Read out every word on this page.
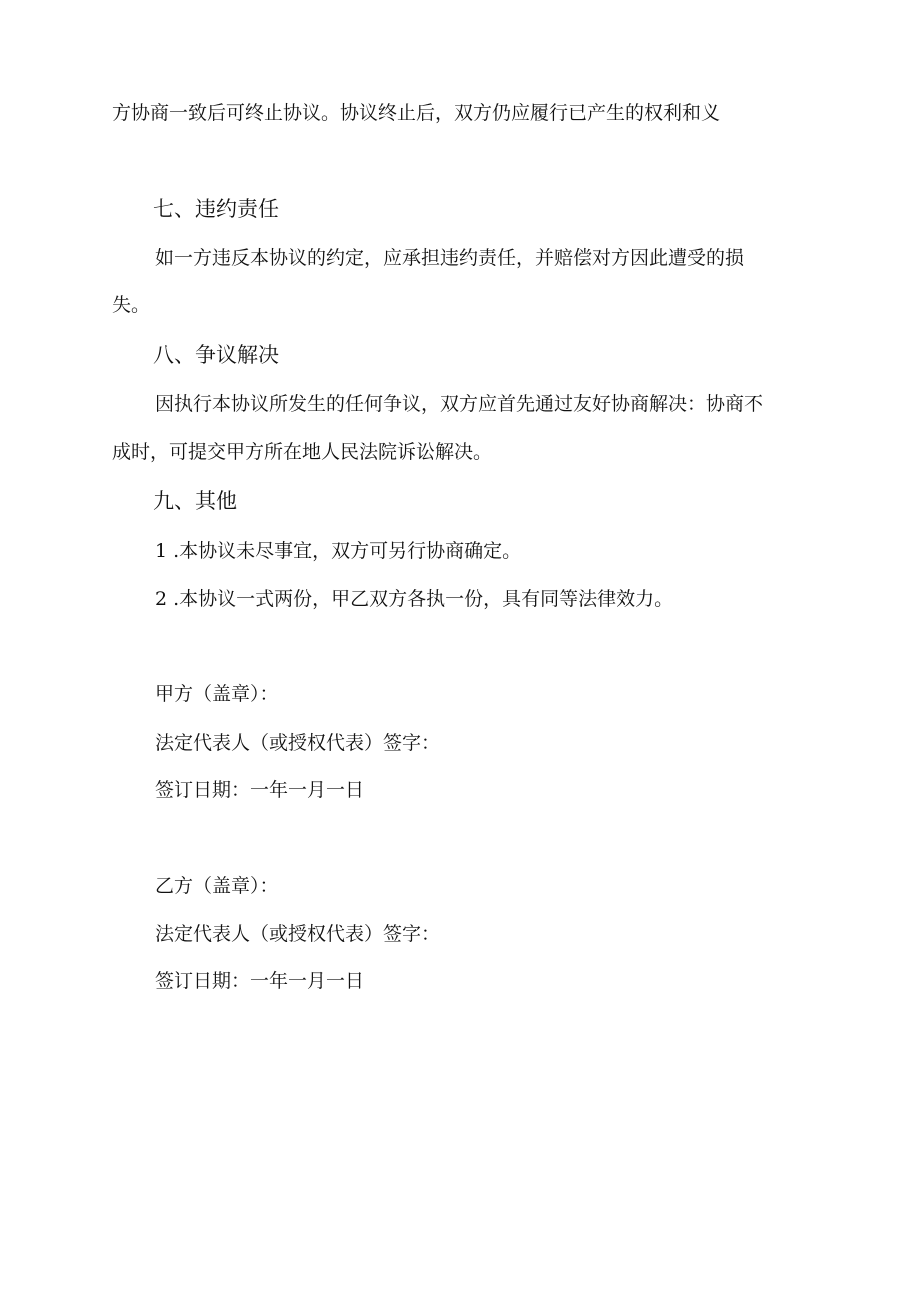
方协商一致后可终止协议。协议终止后，双方仍应履行已产生的权利和义
七、违约责任
如一方违反本协议的约定，应承担违约责任，并赔偿对方因此遭受的损
失。
八、争议解决
因执行本协议所发生的任何争议，双方应首先通过友好协商解决：协商不
成时，可提交甲方所在地人民法院诉讼解决。
九、其他
1 .本协议未尽事宜，双方可另行协商确定。
2 .本协议一式两份，甲乙双方各执一份，具有同等法律效力。
甲方（盖章）：
法定代表人（或授权代表）签字：
签订日期：一年一月一日
乙方（盖章）：
法定代表人（或授权代表）签字：
签订日期：一年一月一日
